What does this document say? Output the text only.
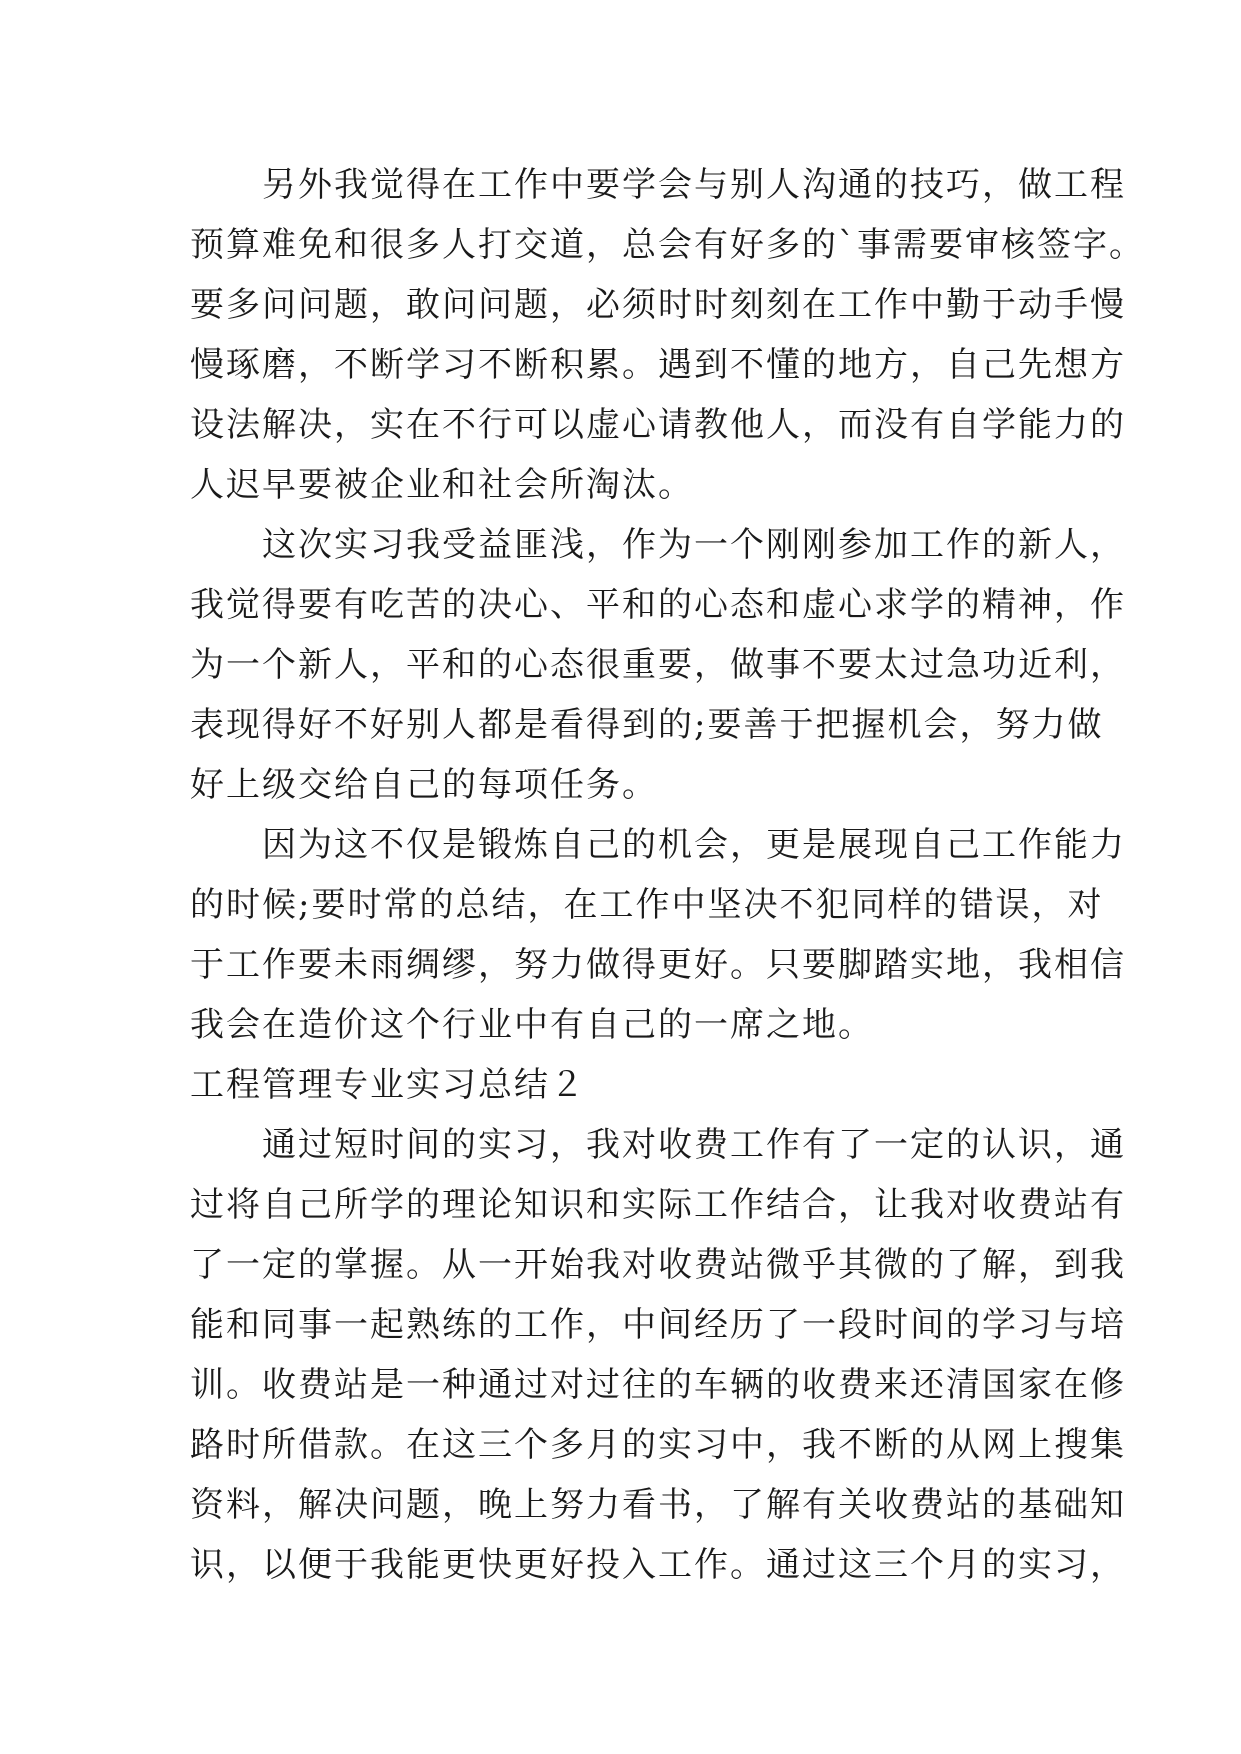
　　另外我觉得在工作中要学会与别人沟通的技巧，做工程
预算难免和很多人打交道，总会有好多的`事需要审核签字。
要多问问题，敢问问题，必须时时刻刻在工作中勤于动手慢
慢琢磨，不断学习不断积累。遇到不懂的地方，自己先想方
设法解决，实在不行可以虚心请教他人，而没有自学能力的
人迟早要被企业和社会所淘汰。
　　这次实习我受益匪浅，作为一个刚刚参加工作的新人，
我觉得要有吃苦的决心、平和的心态和虚心求学的精神，作
为一个新人，平和的心态很重要，做事不要太过急功近利，
表现得好不好别人都是看得到的;要善于把握机会，努力做
好上级交给自己的每项任务。
　　因为这不仅是锻炼自己的机会，更是展现自己工作能力
的时候;要时常的总结，在工作中坚决不犯同样的错误，对
于工作要未雨绸缪，努力做得更好。只要脚踏实地，我相信
我会在造价这个行业中有自己的一席之地。
工程管理专业实习总结２
　　通过短时间的实习，我对收费工作有了一定的认识，通
过将自己所学的理论知识和实际工作结合，让我对收费站有
了一定的掌握。从一开始我对收费站微乎其微的了解，到我
能和同事一起熟练的工作，中间经历了一段时间的学习与培
训。收费站是一种通过对过往的车辆的收费来还清国家在修
路时所借款。在这三个多月的实习中，我不断的从网上搜集
资料，解决问题，晚上努力看书，了解有关收费站的基础知
识，以便于我能更快更好投入工作。通过这三个月的实习，
